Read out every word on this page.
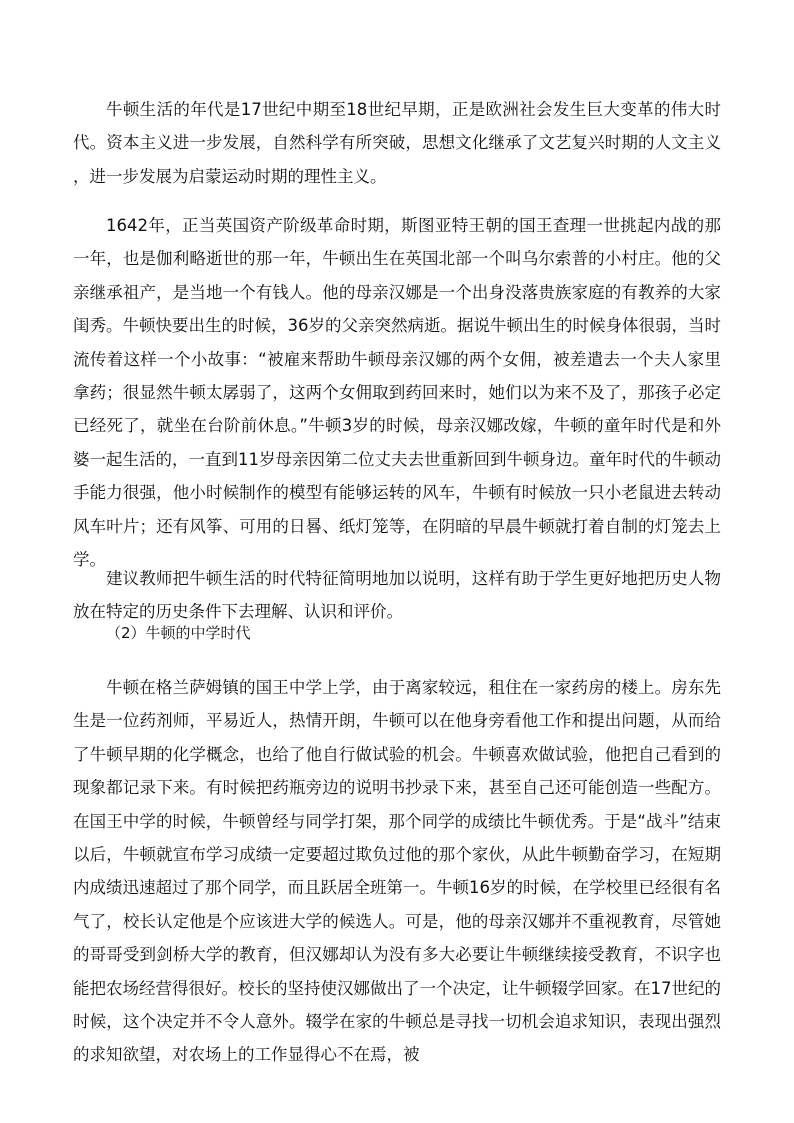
牛顿生活的年代是17世纪中期至18世纪早期，正是欧洲社会发生巨大变革的伟大时代。资本主义进一步发展，自然科学有所突破，思想文化继承了文艺复兴时期的人文主义，进一步发展为启蒙运动时期的理性主义。

1642年，正当英国资产阶级革命时期，斯图亚特王朝的国王查理一世挑起内战的那一年，也是伽利略逝世的那一年，牛顿出生在英国北部一个叫乌尔索普的小村庄。他的父亲继承祖产，是当地一个有钱人。他的母亲汉娜是一个出身没落贵族家庭的有教养的大家闺秀。牛顿快要出生的时候，36岁的父亲突然病逝。据说牛顿出生的时候身体很弱，当时流传着这样一个小故事：“被雇来帮助牛顿母亲汉娜的两个女佣，被差遣去一个夫人家里拿药；很显然牛顿太孱弱了，这两个女佣取到药回来时，她们以为来不及了，那孩子必定已经死了，就坐在台阶前休息。”牛顿3岁的时候，母亲汉娜改嫁，牛顿的童年时代是和外婆一起生活的，一直到11岁母亲因第二位丈夫去世重新回到牛顿身边。童年时代的牛顿动手能力很强，他小时候制作的模型有能够运转的风车，牛顿有时候放一只小老鼠进去转动风车叶片；还有风筝、可用的日晷、纸灯笼等，在阴暗的早晨牛顿就打着自制的灯笼去上学。

建议教师把牛顿生活的时代特征简明地加以说明，这样有助于学生更好地把历史人物放在特定的历史条件下去理解、认识和评价。

（2）牛顿的中学时代

牛顿在格兰萨姆镇的国王中学上学，由于离家较远，租住在一家药房的楼上。房东先生是一位药剂师，平易近人，热情开朗，牛顿可以在他身旁看他工作和提出问题，从而给了牛顿早期的化学概念，也给了他自行做试验的机会。牛顿喜欢做试验，他把自己看到的现象都记录下来。有时候把药瓶旁边的说明书抄录下来，甚至自己还可能创造一些配方。在国王中学的时候，牛顿曾经与同学打架，那个同学的成绩比牛顿优秀。于是“战斗”结束以后，牛顿就宣布学习成绩一定要超过欺负过他的那个家伙，从此牛顿勤奋学习，在短期内成绩迅速超过了那个同学，而且跃居全班第一。牛顿16岁的时候，在学校里已经很有名气了，校长认定他是个应该进大学的候选人。可是，他的母亲汉娜并不重视教育，尽管她的哥哥受到剑桥大学的教育，但汉娜却认为没有多大必要让牛顿继续接受教育，不识字也能把农场经营得很好。校长的坚持使汉娜做出了一个决定，让牛顿辍学回家。在17世纪的时候，这个决定并不令人意外。辍学在家的牛顿总是寻找一切机会追求知识，表现出强烈的求知欲望，对农场上的工作显得心不在焉，被
